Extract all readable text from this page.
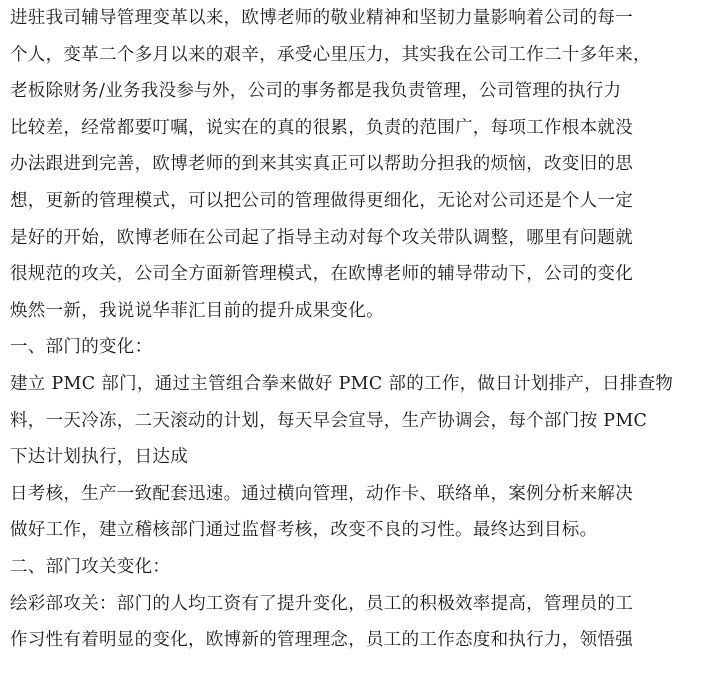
进驻我司辅导管理变革以来，欧博老师的敬业精神和坚韧力量影响着公司的每一
个人，变革二个多月以来的艰辛，承受心里压力，其实我在公司工作二十多年来，
老板除财务/业务我没参与外，公司的事务都是我负责管理，公司管理的执行力
比较差，经常都要叮嘱，说实在的真的很累，负责的范围广，每项工作根本就没
办法跟进到完善，欧博老师的到来其实真正可以帮助分担我的烦恼，改变旧的思
想，更新的管理模式，可以把公司的管理做得更细化，无论对公司还是个人一定
是好的开始，欧博老师在公司起了指导主动对每个攻关带队调整，哪里有问题就
很规范的攻关，公司全方面新管理模式，在欧博老师的辅导带动下，公司的变化
焕然一新，我说说华菲汇目前的提升成果变化。
一、部门的变化：
建立 PMC 部门，通过主管组合拳来做好 PMC 部的工作，做日计划排产，日排查物
料，一天冷冻，二天滚动的计划，每天早会宣导，生产协调会，每个部门按 PMC
下达计划执行，日达成
日考核，生产一致配套迅速。通过横向管理，动作卡、联络单，案例分析来解决
做好工作，建立稽核部门通过监督考核，改变不良的习性。最终达到目标。
二、部门攻关变化：
绘彩部攻关：部门的人均工资有了提升变化，员工的积极效率提高，管理员的工
作习性有着明显的变化，欧博新的管理理念，员工的工作态度和执行力，领悟强
